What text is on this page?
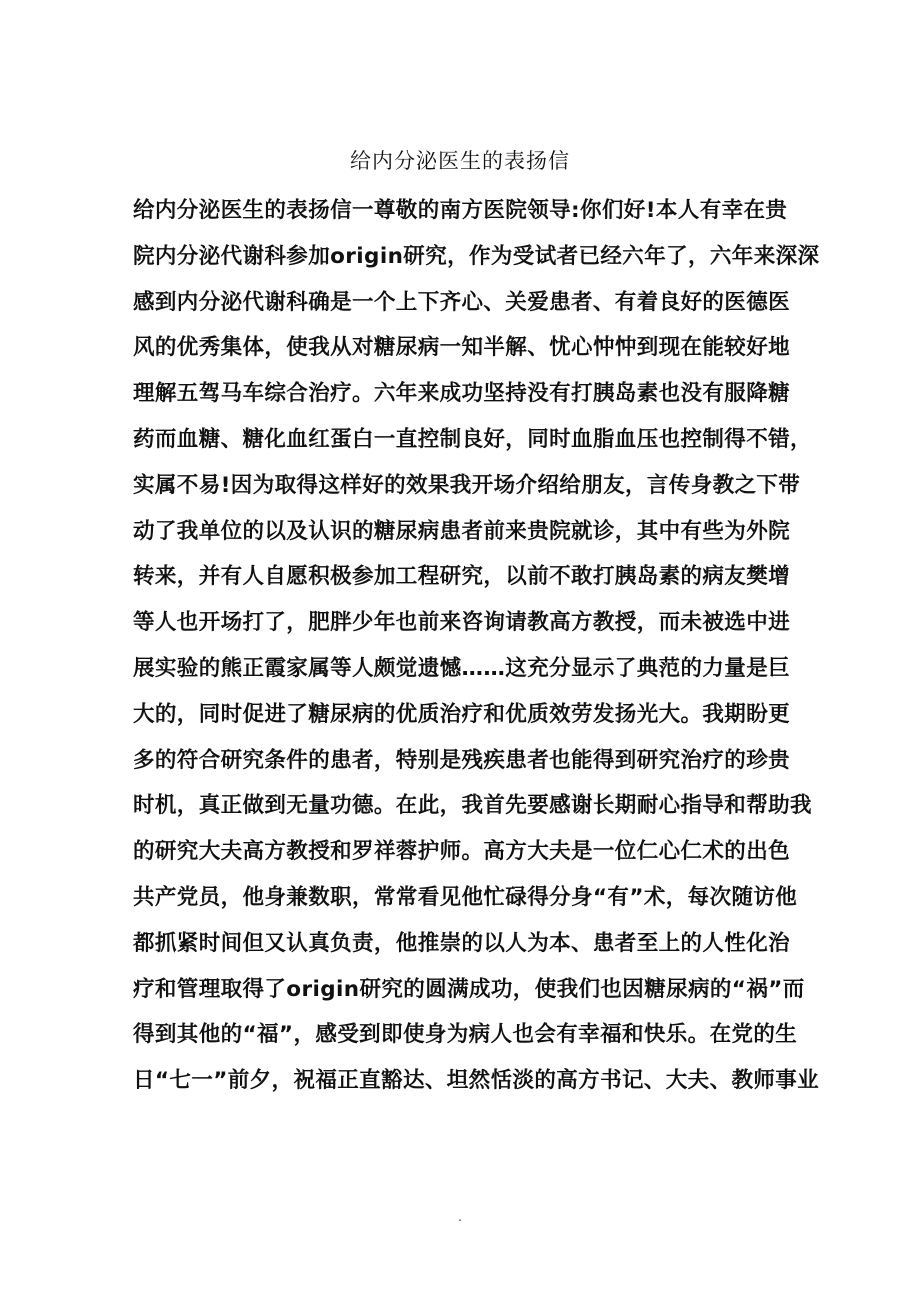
给内分泌医生的表扬信
给内分泌医生的表扬信一尊敬的南方医院领导:你们好!本人有幸在贵
院内分泌代谢科参加origin研究，作为受试者已经六年了，六年来深深
感到内分泌代谢科确是一个上下齐心、关爱患者、有着良好的医德医
风的优秀集体，使我从对糖尿病一知半解、忧心忡忡到现在能较好地
理解五驾马车综合治疗。六年来成功坚持没有打胰岛素也没有服降糖
药而血糖、糖化血红蛋白一直控制良好，同时血脂血压也控制得不错，
实属不易!因为取得这样好的效果我开场介绍给朋友，言传身教之下带
动了我单位的以及认识的糖尿病患者前来贵院就诊，其中有些为外院
转来，并有人自愿积极参加工程研究，以前不敢打胰岛素的病友樊增
等人也开场打了，肥胖少年也前来咨询请教高方教授，而未被选中进
展实验的熊正霞家属等人颇觉遗憾……这充分显示了典范的力量是巨
大的，同时促进了糖尿病的优质治疗和优质效劳发扬光大。我期盼更
多的符合研究条件的患者，特别是残疾患者也能得到研究治疗的珍贵
时机，真正做到无量功德。在此，我首先要感谢长期耐心指导和帮助我
的研究大夫高方教授和罗祥蓉护师。高方大夫是一位仁心仁术的出色
共产党员，他身兼数职，常常看见他忙碌得分身“有”术，每次随访他
都抓紧时间但又认真负责，他推崇的以人为本、患者至上的人性化治
疗和管理取得了origin研究的圆满成功，使我们也因糖尿病的“祸”而
得到其他的“福”，感受到即使身为病人也会有幸福和快乐。在党的生
日“七一”前夕，祝福正直豁达、坦然恬淡的高方书记、大夫、教师事业
.
